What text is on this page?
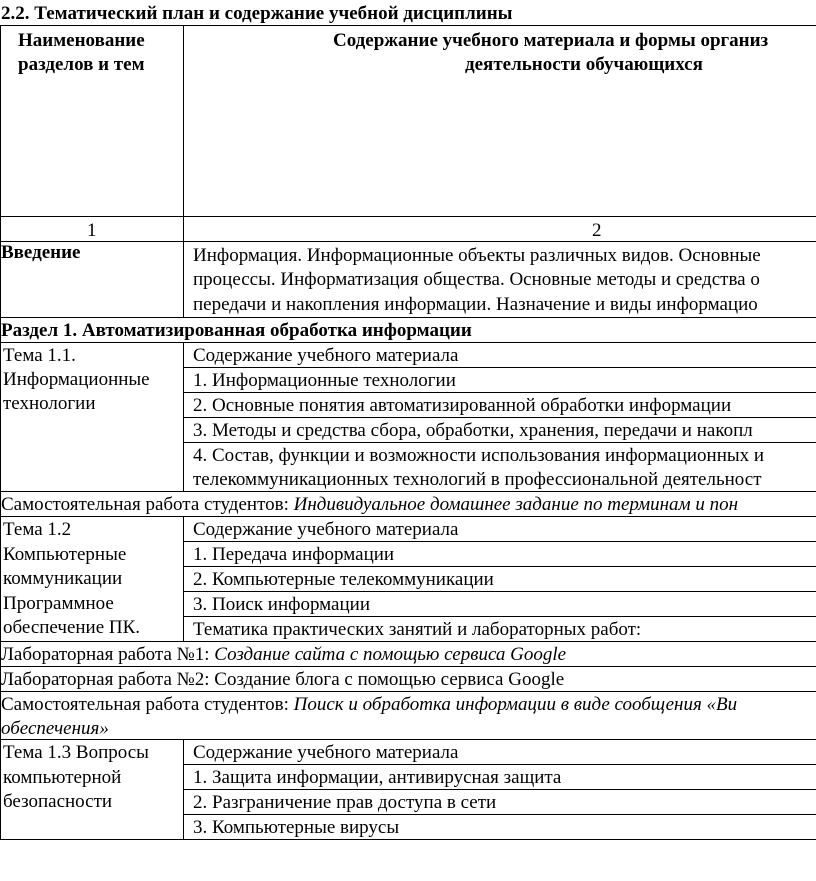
2.2. Тематический план и содержание учебной дисциплины
Наименование
разделов и тем
Содержание учебного материала и формы организ
деятельности обучающихся
1	2
Введение	Информация. Информационные объекты различных видов. Основные
процессы. Информатизация общества. Основные методы и средства о
передачи и накопления информации. Назначение и виды информацио
Раздел 1. Автоматизированная обработка информации
Тема 1.1.
Информационные
технологии
Содержание учебного материала
1. Информационные технологии
2. Основные понятия автоматизированной обработки информации
3. Методы и средства сбора, обработки, хранения, передачи и накопл
4. Состав, функции и возможности использования информационных и
телекоммуникационных технологий в профессиональной деятельност
Самостоятельная работа студентов: Индивидуальное домашнее задание по терминам и пон
Тема 1.2
Компьютерные
коммуникации
Программное
обеспечение ПК.
Содержание учебного материала
1. Передача информации
2. Компьютерные телекоммуникации
3. Поиск информации
Тематика практических занятий и лабораторных работ:
Лабораторная работа №1: Создание сайта с помощью сервиса Google
Лабораторная работа №2: Создание блога с помощью сервиса Google
Самостоятельная работа студентов: Поиск и обработка информации в виде сообщения «Ви
обеспечения»
Тема 1.3 Вопросы
компьютерной
безопасности
Содержание учебного материала
1. Защита информации, антивирусная защита
2. Разграничение прав доступа в сети
3. Компьютерные вирусы
